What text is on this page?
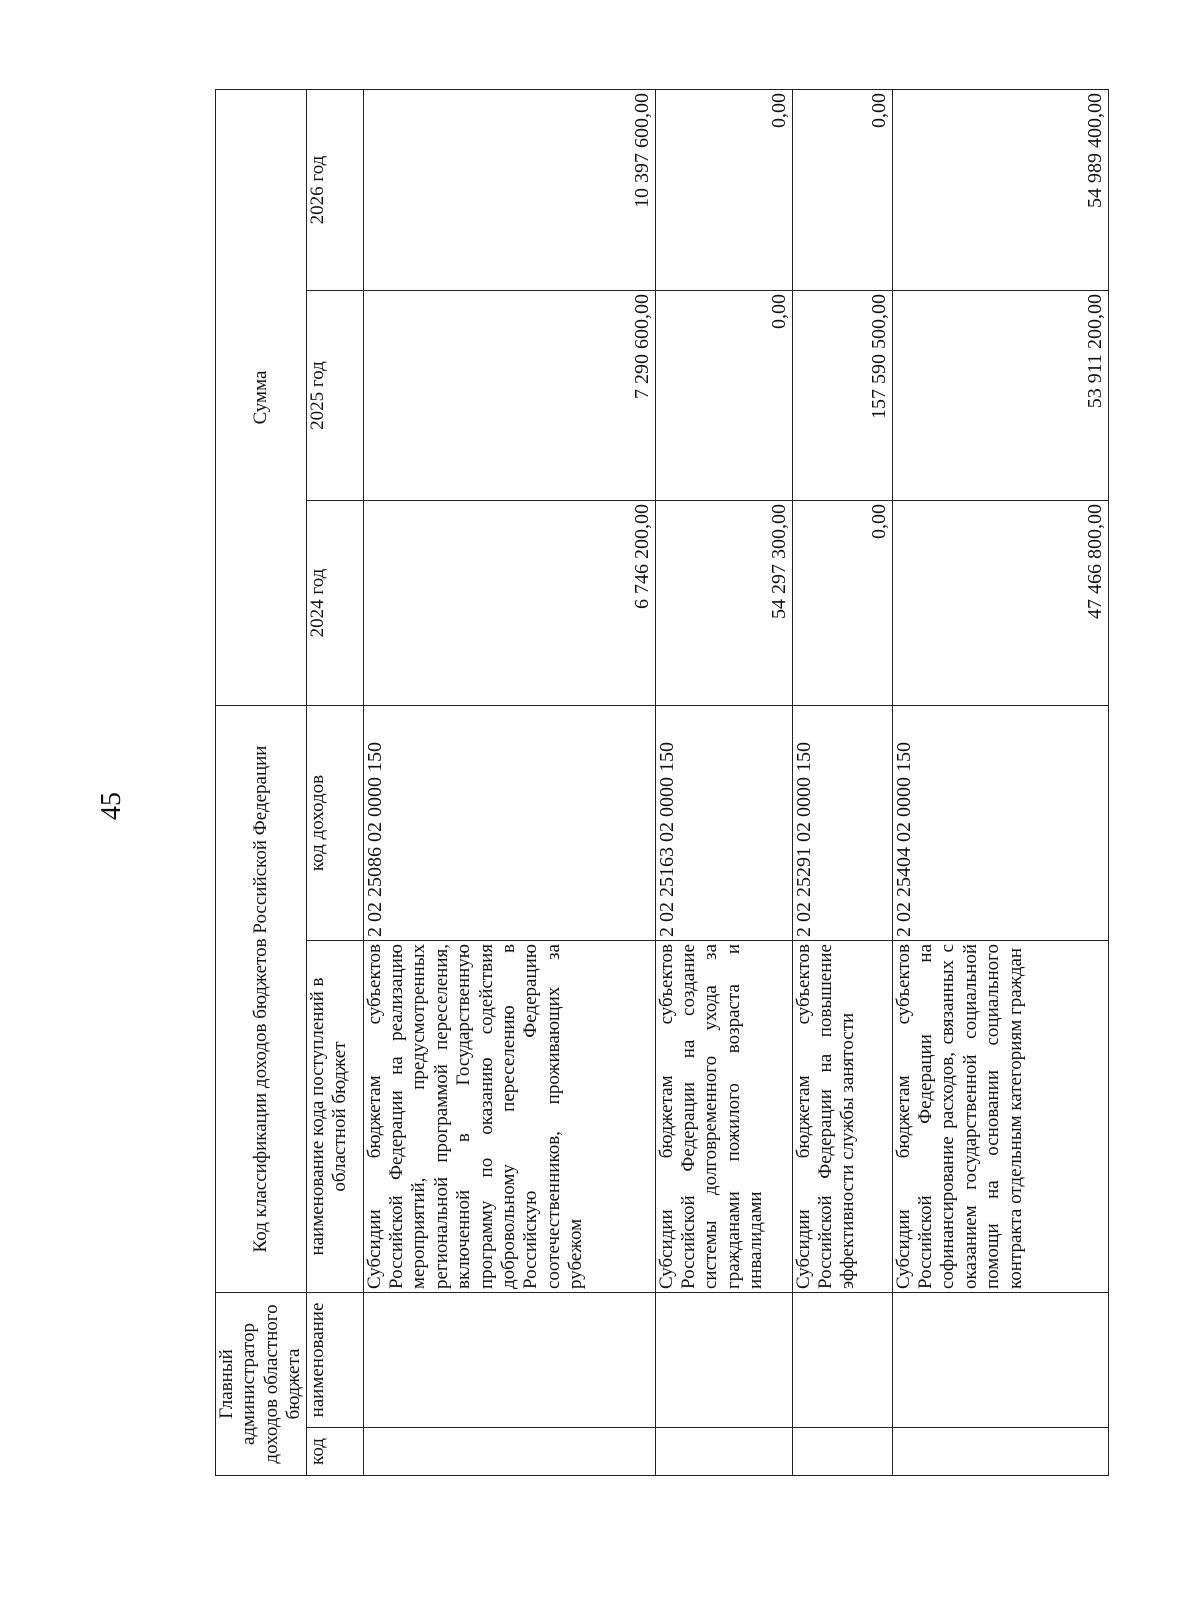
45
Главный администратор доходов областного бюджета		Код классификации доходов бюджетов Российской Федерации		Сумма		
код	наименование	наименование кода поступлений в областной бюджет	код доходов	2024 год	2025 год	2026 год
		Субсидии бюджетам субъектов Российской Федерации на реализацию мероприятий, предусмотренных региональной программой переселения, включенной в Государственную программу по оказанию содействия добровольному переселению в Российскую Федерацию соотечественников, проживающих за рубежом	2 02 25086 02 0000 150	6 746 200,00	7 290 600,00	10 397 600,00
		Субсидии бюджетам субъектов Российской Федерации на создание системы долговременного ухода за гражданами пожилого возраста и инвалидами	2 02 25163 02 0000 150	54 297 300,00	0,00	0,00
		Субсидии бюджетам субъектов Российской Федерации на повышение эффективности службы занятости	2 02 25291 02 0000 150	0,00	157 590 500,00	0,00
		Субсидии бюджетам субъектов Российской Федерации на софинансирование расходов, связанных с оказанием государственной социальной помощи на основании социального контракта отдельным категориям граждан	2 02 25404 02 0000 150	47 466 800,00	53 911 200,00	54 989 400,00
